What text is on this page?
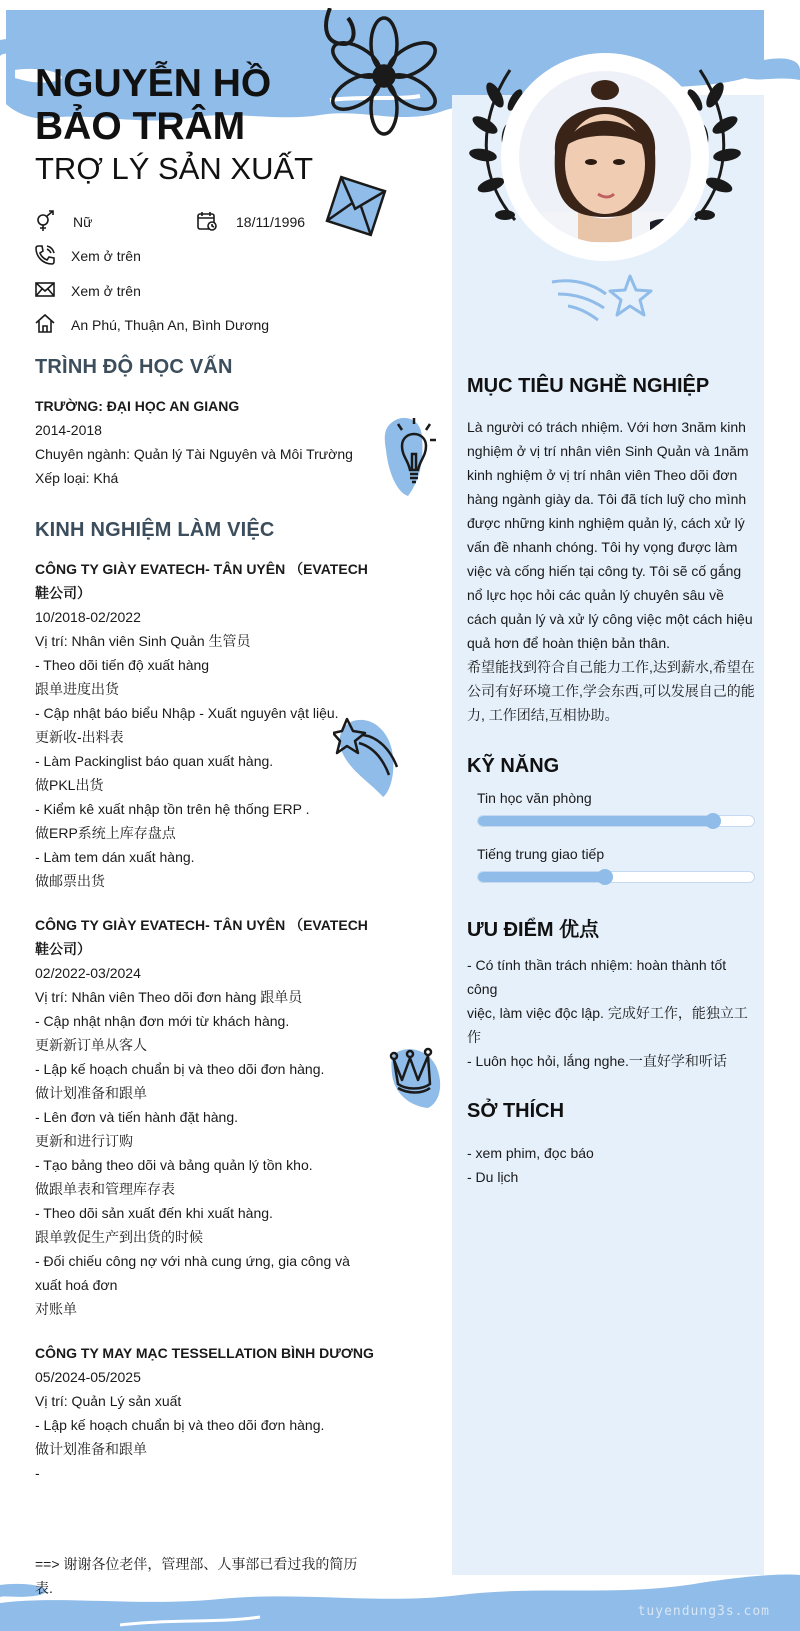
NGUYỄN HỒ
BẢO TRÂM
TRỢ LÝ SẢN XUẤT
Nữ	18/11/1996
Xem ở trên
Xem ở trên
An Phú, Thuận An, Bình Dương
TRÌNH ĐỘ HỌC VẤN
TRƯỜNG: ĐẠI HỌC AN GIANG
2014-2018
Chuyên ngành: Quản lý Tài Nguyên và Môi Trường
Xếp loại: Khá
KINH NGHIỆM LÀM VIỆC
CÔNG TY GIÀY EVATECH- TÂN UYÊN （EVATECH
鞋公司）
10/2018-02/2022
Vị trí: Nhân viên Sinh Quản 生管员
- Theo dõi tiến độ xuất hàng
跟单进度出货
- Cập nhật báo biểu Nhập - Xuất nguyên vật liệu.
更新收-出料表
- Làm Packinglist báo quan xuất hàng.
做PKL出货
- Kiểm kê xuất nhập tồn trên hệ thống ERP .
做ERP系统上库存盘点
- Làm tem dán xuất hàng.
做邮票出货
CÔNG TY GIÀY EVATECH- TÂN UYÊN （EVATECH
鞋公司）
02/2022-03/2024
Vị trí: Nhân viên Theo dõi đơn hàng 跟单员
- Cập nhật nhận đơn mới từ khách hàng.
更新新订单从客人
- Lập kế hoạch chuẩn bị và theo dõi đơn hàng.
做计划准备和跟单
- Lên đơn và tiến hành đặt hàng.
更新和进行订购
- Tạo bảng theo dõi và bảng quản lý tồn kho.
做跟单表和管理库存表
- Theo dõi sản xuất đến khi xuất hàng.
跟单敦促生产到出货的时候
- Đối chiếu công nợ với nhà cung ứng, gia công và
xuất hoá đơn
对账单
CÔNG TY MAY MẠC TESSELLATION BÌNH DƯƠNG
05/2024-05/2025
Vị trí: Quản Lý sản xuất
- Lập kế hoạch chuẩn bị và theo dõi đơn hàng.
做计划准备和跟单
-
==> 谢谢各位老伴，管理部、人事部已看过我的简历
表.
MỤC TIÊU NGHỀ NGHIỆP
Là người có trách nhiệm. Với hơn 3năm kinh
nghiệm ở vị trí nhân viên Sinh Quản và 1năm
kinh nghiệm ở vị trí nhân viên Theo dõi đơn
hàng ngành giày da. Tôi đã tích luỹ cho mình
được những kinh nghiệm quản lý, cách xử lý
vấn đề nhanh chóng. Tôi hy vọng được làm
việc và cống hiến tại công ty. Tôi sẽ cố gắng
nổ lực học hỏi các quản lý chuyên sâu về
cách quản lý và xử lý công việc một cách hiệu
quả hơn để hoàn thiện bản thân.
希望能找到符合自己能力工作,达到薪水,希望在
公司有好环境工作,学会东西,可以发展自己的能
力, 工作团结,互相协助。
KỸ NĂNG
Tin học văn phòng
Tiếng trung giao tiếp
ƯU ĐIỂM 优点
- Có tính thần trách nhiệm: hoàn thành tốt
công
việc, làm việc độc lập. 完成好工作，能独立工
作
- Luôn học hỏi, lắng nghe.一直好学和听话
SỞ THÍCH
- xem phim, đọc báo
- Du lịch
tuyendung3s.com
